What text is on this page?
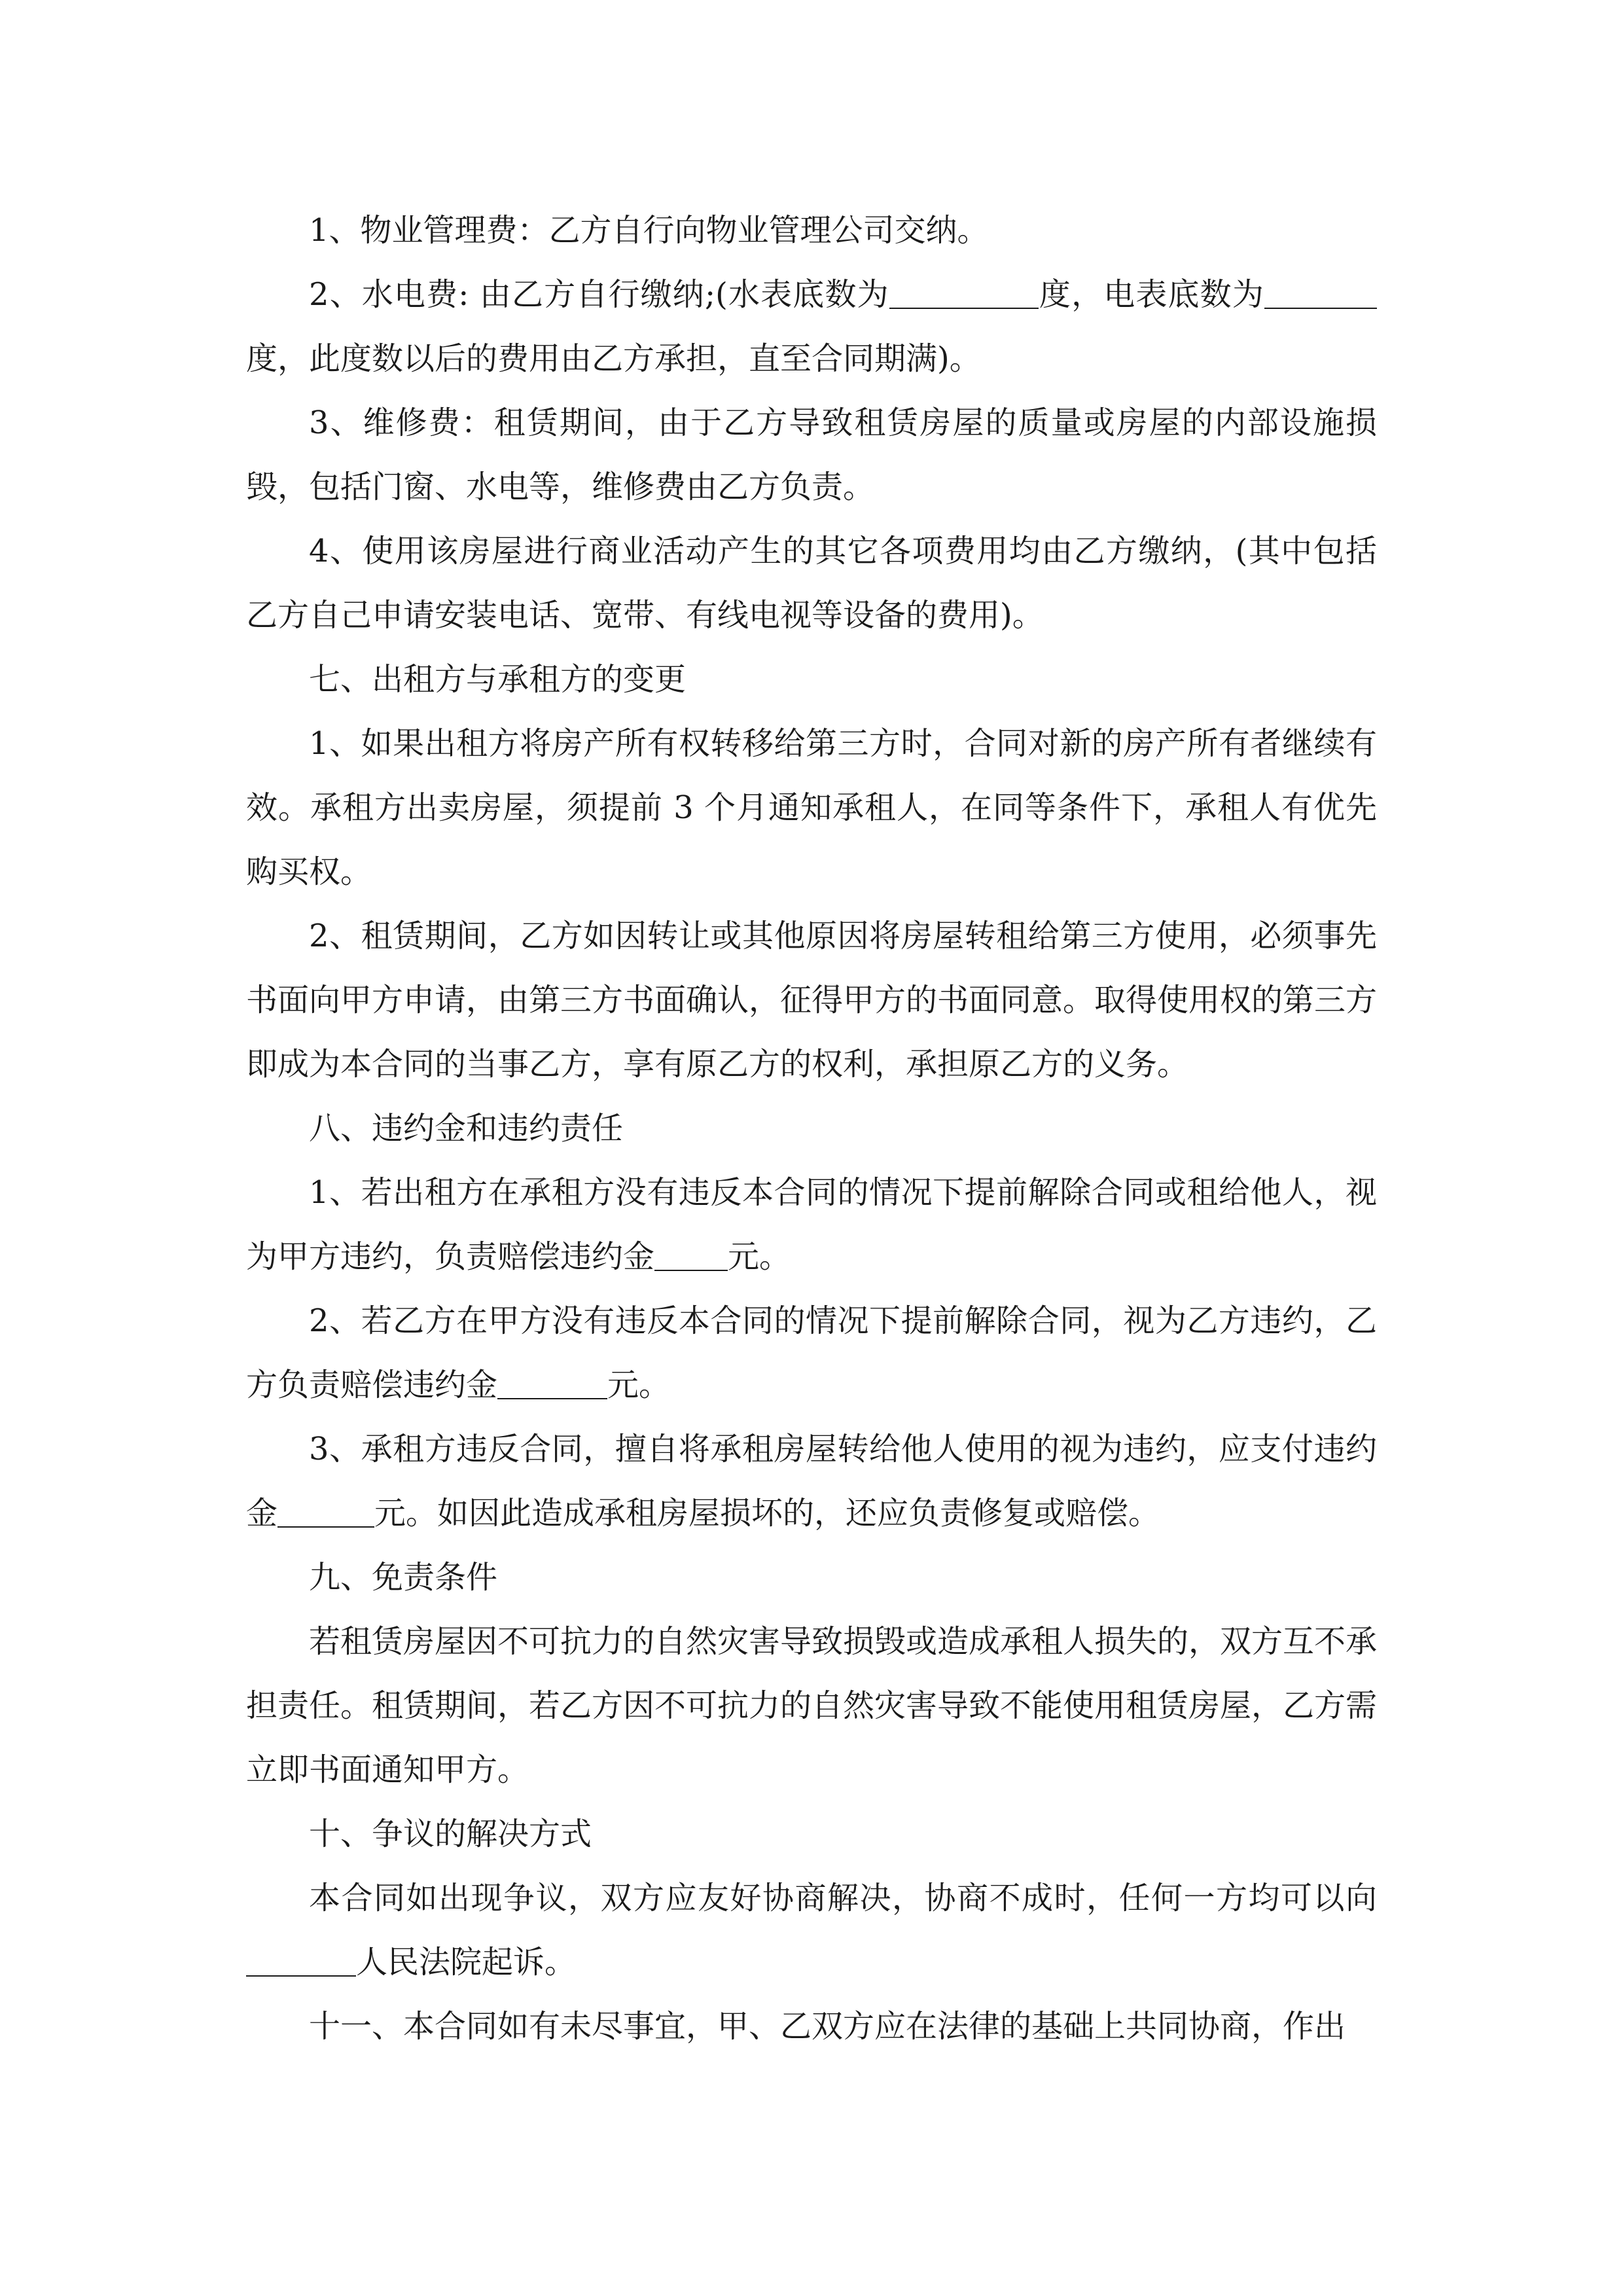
1、物业管理费：乙方自行向物业管理公司交纳。

2、水电费: 由乙方自行缴纳;(水表底数为	度，电表底数为度，此度数以后的费用由乙方承担，直至合同期满)。

3、维修费：租赁期间，由于乙方导致租赁房屋的质量或房屋的内部设施损毁，包括门窗、水电等，维修费由乙方负责。

4、使用该房屋进行商业活动产生的其它各项费用均由乙方缴纳，(其中包括乙方自己申请安装电话、宽带、有线电视等设备的费用)。

七、出租方与承租方的变更

1、如果出租方将房产所有权转移给第三方时，合同对新的房产所有者继续有效。承租方出卖房屋，须提前 3 个月通知承租人，在同等条件下，承租人有优先购买权。

2、租赁期间，乙方如因转让或其他原因将房屋转租给第三方使用，必须事先书面向甲方申请，由第三方书面确认，征得甲方的书面同意。取得使用权的第三方即成为本合同的当事乙方，享有原乙方的权利，承担原乙方的义务。

八、违约金和违约责任

1、若出租方在承租方没有违反本合同的情况下提前解除合同或租给他人，视为甲方违约，负责赔偿违约金 元。

2、若乙方在甲方没有违反本合同的情况下提前解除合同，视为乙方违约，乙方负责赔偿违约金	元。

3、承租方违反合同，擅自将承租房屋转给他人使用的视为违约，应支付违约金	元。如因此造成承租房屋损坏的，还应负责修复或赔偿。

九、免责条件

若租赁房屋因不可抗力的自然灾害导致损毁或造成承租人损失的，双方互不承担责任。租赁期间，若乙方因不可抗力的自然灾害导致不能使用租赁房屋，乙方需立即书面通知甲方。

十、争议的解决方式

本合同如出现争议，双方应友好协商解决，协商不成时，任何一方均可以向人民法院起诉。

十一、本合同如有未尽事宜，甲、乙双方应在法律的基础上共同协商，作出
